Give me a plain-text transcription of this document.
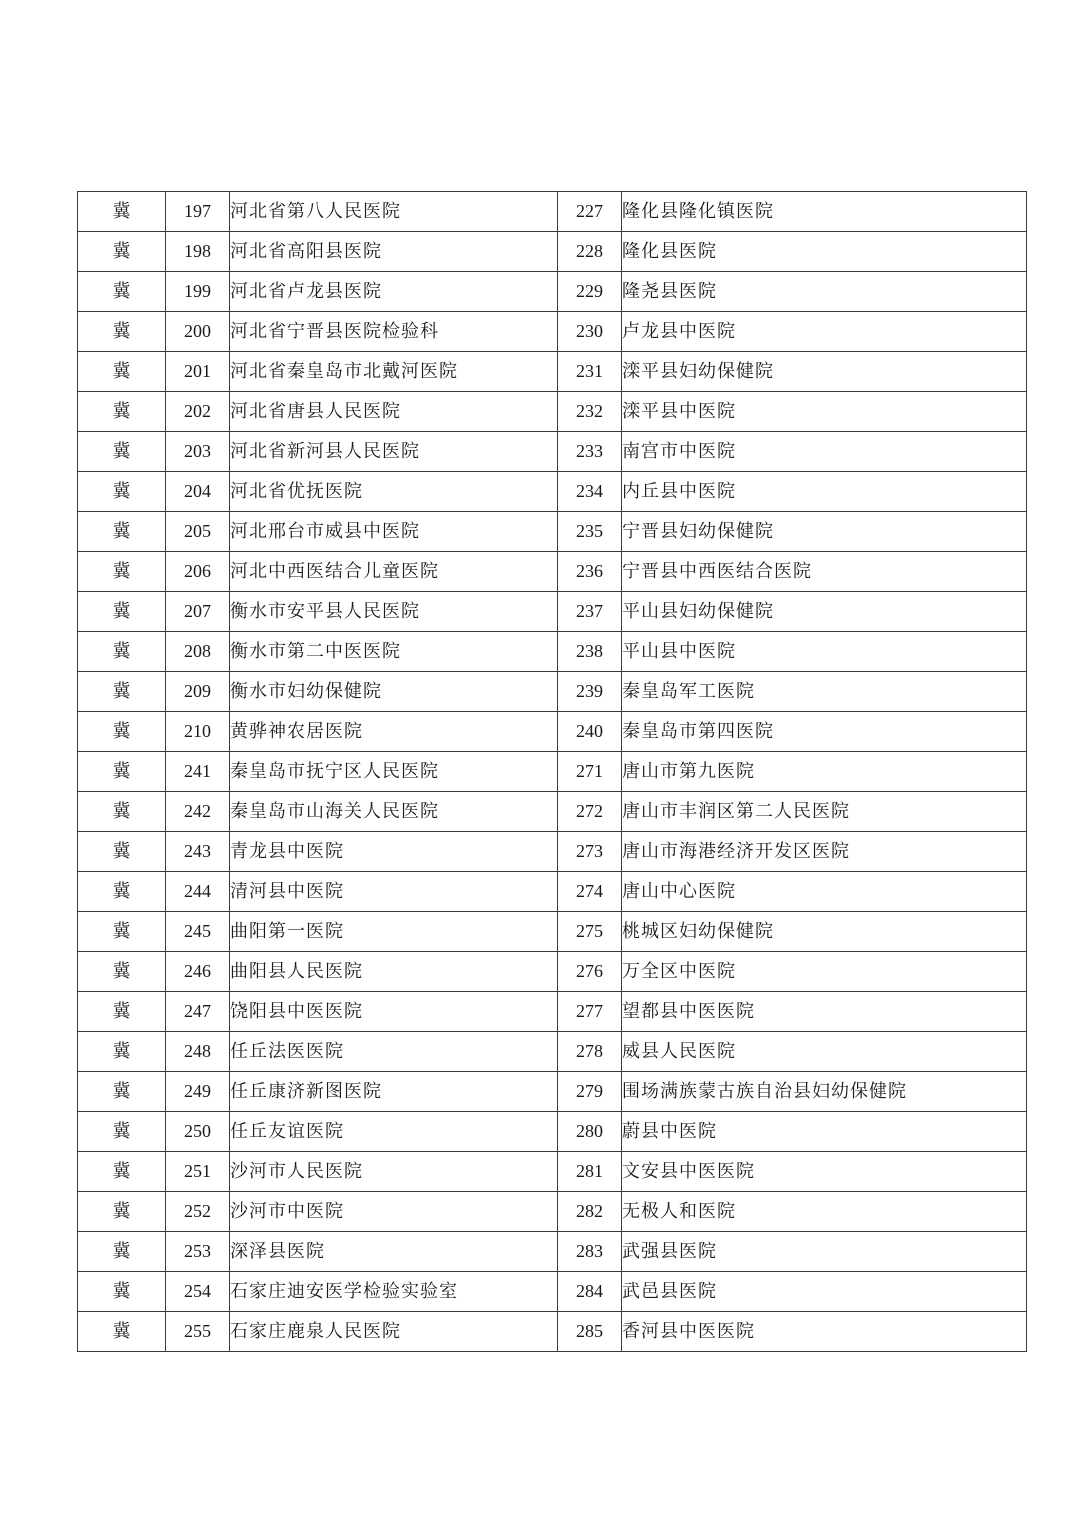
冀	197	河北省第八人民医院	227	隆化县隆化镇医院
冀	198	河北省高阳县医院	228	隆化县医院
冀	199	河北省卢龙县医院	229	隆尧县医院
冀	200	河北省宁晋县医院检验科	230	卢龙县中医院
冀	201	河北省秦皇岛市北戴河医院	231	滦平县妇幼保健院
冀	202	河北省唐县人民医院	232	滦平县中医院
冀	203	河北省新河县人民医院	233	南宫市中医院
冀	204	河北省优抚医院	234	内丘县中医院
冀	205	河北邢台市威县中医院	235	宁晋县妇幼保健院
冀	206	河北中西医结合儿童医院	236	宁晋县中西医结合医院
冀	207	衡水市安平县人民医院	237	平山县妇幼保健院
冀	208	衡水市第二中医医院	238	平山县中医院
冀	209	衡水市妇幼保健院	239	秦皇岛军工医院
冀	210	黄骅神农居医院	240	秦皇岛市第四医院
冀	241	秦皇岛市抚宁区人民医院	271	唐山市第九医院
冀	242	秦皇岛市山海关人民医院	272	唐山市丰润区第二人民医院
冀	243	青龙县中医院	273	唐山市海港经济开发区医院
冀	244	清河县中医院	274	唐山中心医院
冀	245	曲阳第一医院	275	桃城区妇幼保健院
冀	246	曲阳县人民医院	276	万全区中医院
冀	247	饶阳县中医医院	277	望都县中医医院
冀	248	任丘法医医院	278	威县人民医院
冀	249	任丘康济新图医院	279	围场满族蒙古族自治县妇幼保健院
冀	250	任丘友谊医院	280	蔚县中医院
冀	251	沙河市人民医院	281	文安县中医医院
冀	252	沙河市中医院	282	无极人和医院
冀	253	深泽县医院	283	武强县医院
冀	254	石家庄迪安医学检验实验室	284	武邑县医院
冀	255	石家庄鹿泉人民医院	285	香河县中医医院
